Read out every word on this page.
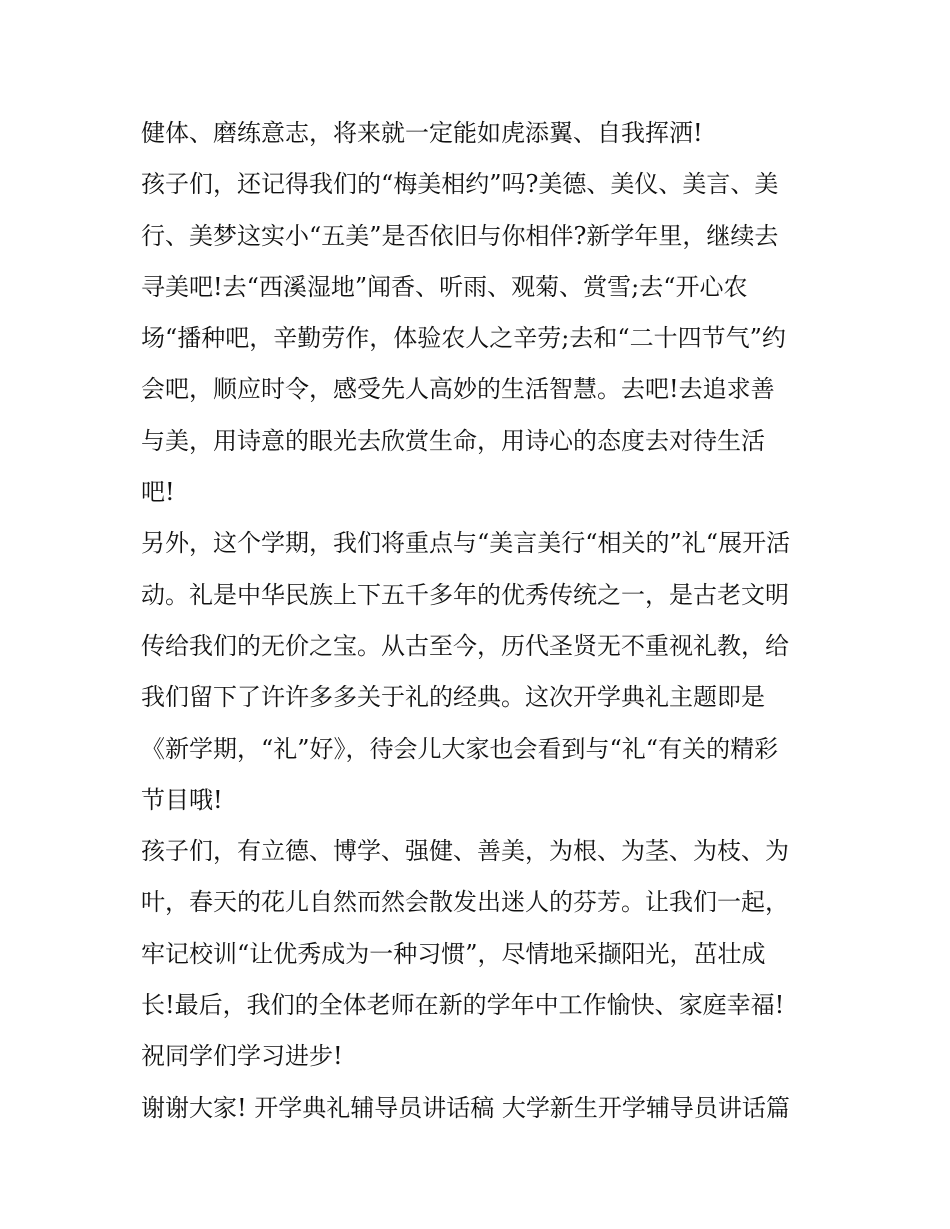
健体、磨练意志，将来就一定能如虎添翼、自我挥洒!
孩子们，还记得我们的“梅美相约”吗?美德、美仪、美言、美
行、美梦这实小“五美”是否依旧与你相伴?新学年里，继续去
寻美吧!去“西溪湿地”闻香、听雨、观菊、赏雪;去“开心农
场“播种吧，辛勤劳作，体验农人之辛劳;去和“二十四节气”约
会吧，顺应时令，感受先人高妙的生活智慧。去吧!去追求善
与美，用诗意的眼光去欣赏生命，用诗心的态度去对待生活
吧!
另外，这个学期，我们将重点与“美言美行“相关的”礼“展开活
动。礼是中华民族上下五千多年的优秀传统之一，是古老文明
传给我们的无价之宝。从古至今，历代圣贤无不重视礼教，给
我们留下了许许多多关于礼的经典。这次开学典礼主题即是
《新学期，“礼”好》，待会儿大家也会看到与“礼“有关的精彩
节目哦!
孩子们，有立德、博学、强健、善美，为根、为茎、为枝、为
叶，春天的花儿自然而然会散发出迷人的芬芳。让我们一起，
牢记校训“让优秀成为一种习惯”，尽情地采撷阳光，茁壮成
长!最后，我们的全体老师在新的学年中工作愉快、家庭幸福!
祝同学们学习进步!
谢谢大家! 开学典礼辅导员讲话稿 大学新生开学辅导员讲话篇
